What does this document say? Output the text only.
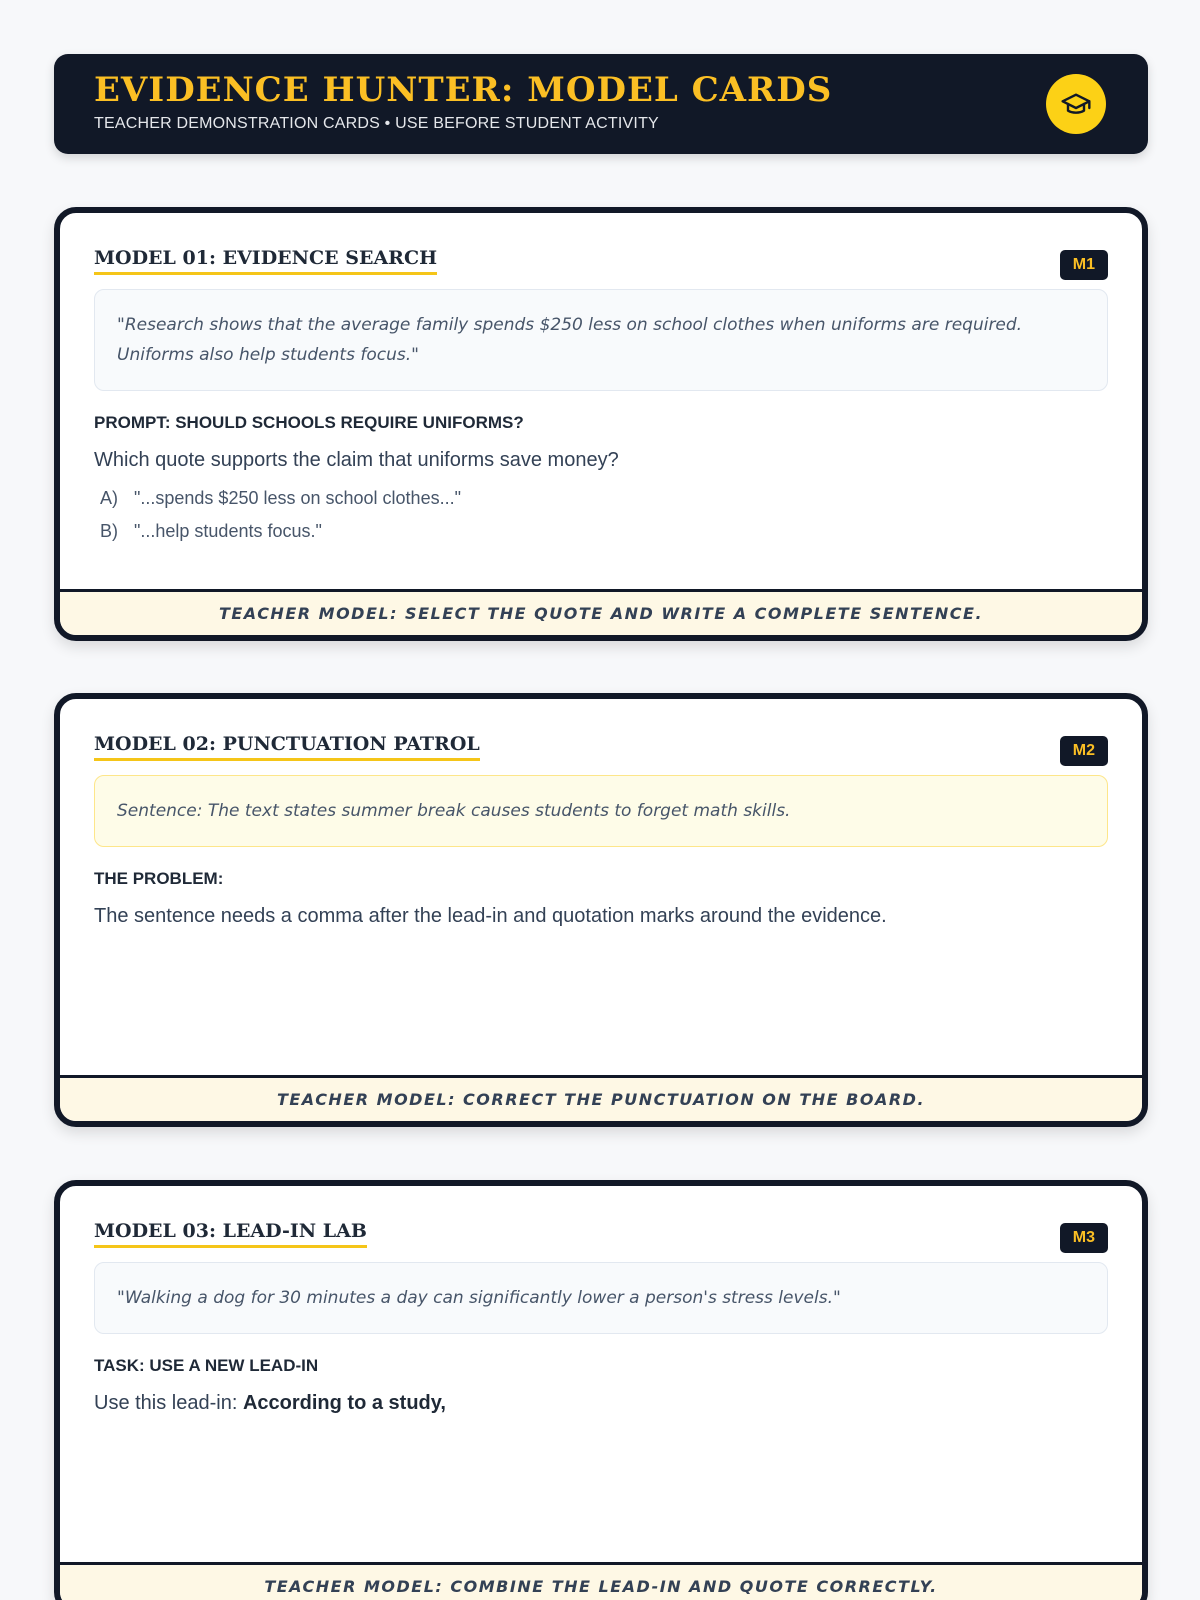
EVIDENCE HUNTER: MODEL CARDS
TEACHER DEMONSTRATION CARDS • USE BEFORE STUDENT ACTIVITY
MODEL 01: EVIDENCE SEARCH	M1
"Research shows that the average family spends $250 less on school clothes when uniforms are required. Uniforms also help students focus."
PROMPT: SHOULD SCHOOLS REQUIRE UNIFORMS?
Which quote supports the claim that uniforms save money?
A) "...spends $250 less on school clothes..."
B) "...help students focus."
TEACHER MODEL: SELECT THE QUOTE AND WRITE A COMPLETE SENTENCE.
MODEL 02: PUNCTUATION PATROL	M2
Sentence: The text states summer break causes students to forget math skills.
THE PROBLEM:
The sentence needs a comma after the lead-in and quotation marks around the evidence.
TEACHER MODEL: CORRECT THE PUNCTUATION ON THE BOARD.
MODEL 03: LEAD-IN LAB	M3
"Walking a dog for 30 minutes a day can significantly lower a person's stress levels."
TASK: USE A NEW LEAD-IN
Use this lead-in: According to a study,
TEACHER MODEL: COMBINE THE LEAD-IN AND QUOTE CORRECTLY.
